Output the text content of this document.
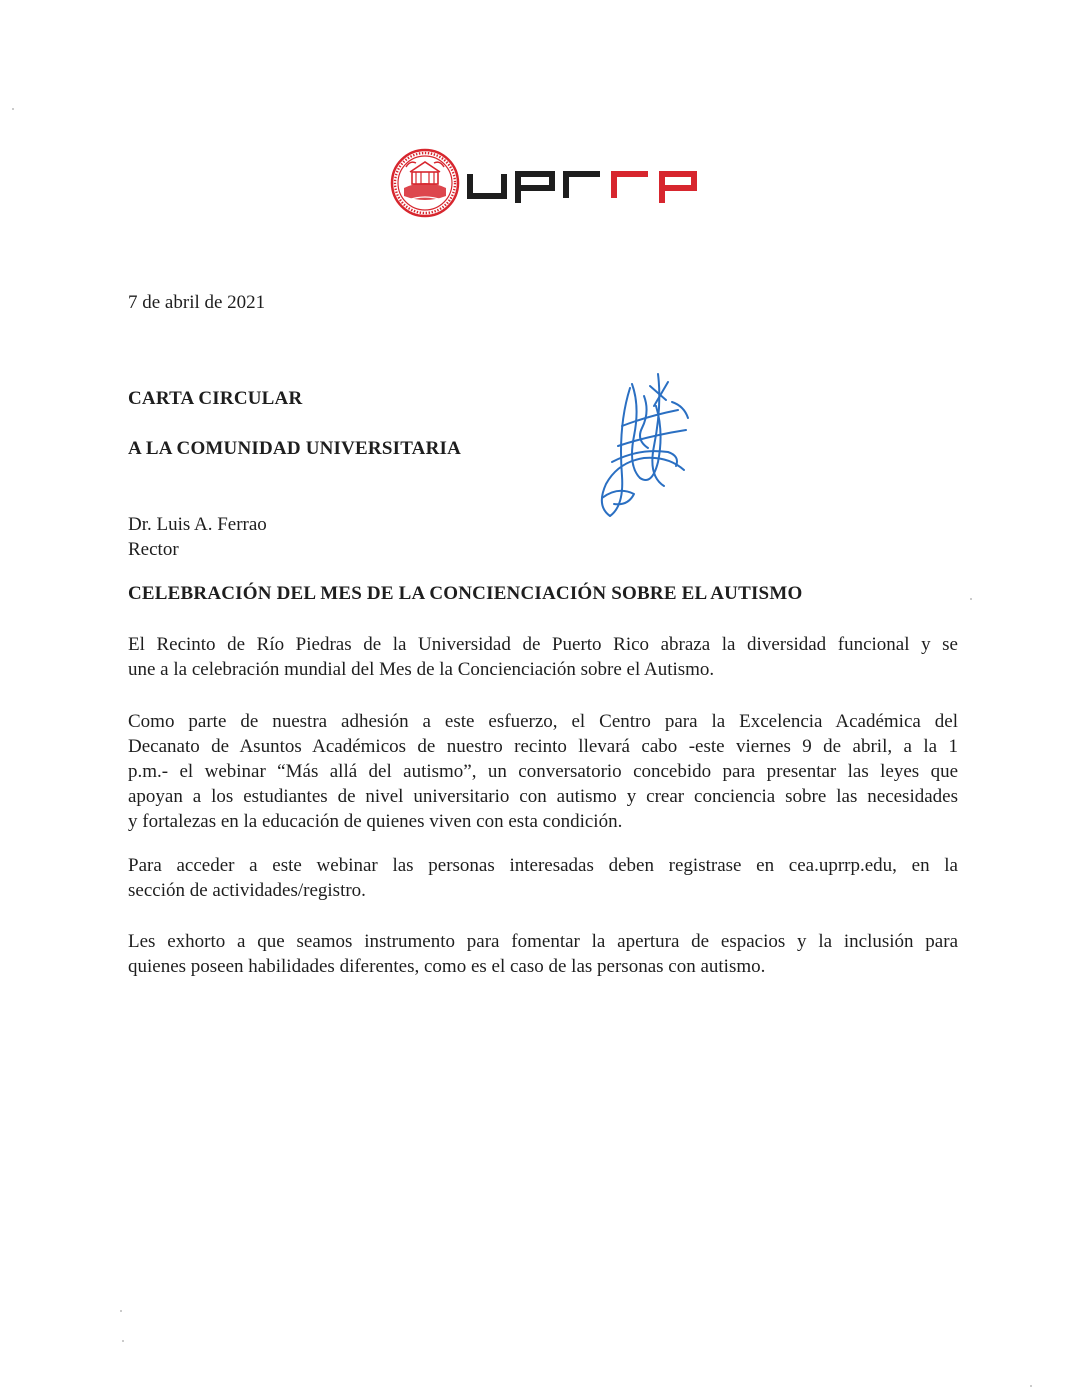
7 de abril de 2021
CARTA CIRCULAR
A LA COMUNIDAD UNIVERSITARIA
Dr. Luis A. Ferrao
Rector
CELEBRACIÓN DEL MES DE LA CONCIENCIACIÓN SOBRE EL AUTISMO
El Recinto de Río Piedras de la Universidad de Puerto Rico abraza la diversidad funcional y se
une a la celebración mundial del Mes de la Concienciación sobre el Autismo.
Como parte de nuestra adhesión a este esfuerzo, el Centro para la Excelencia Académica del
Decanato de Asuntos Académicos de nuestro recinto llevará cabo -este viernes 9 de abril, a la 1
p.m.- el webinar “Más allá del autismo”, un conversatorio concebido para presentar las leyes que
apoyan a los estudiantes de nivel universitario con autismo y crear conciencia sobre las necesidades
y fortalezas en la educación de quienes viven con esta condición.
Para acceder a este webinar las personas interesadas deben registrase en cea.uprrp.edu, en la
sección de actividades/registro.
Les exhorto a que seamos instrumento para fomentar la apertura de espacios y la inclusión para
quienes poseen habilidades diferentes, como es el caso de las personas con autismo.
